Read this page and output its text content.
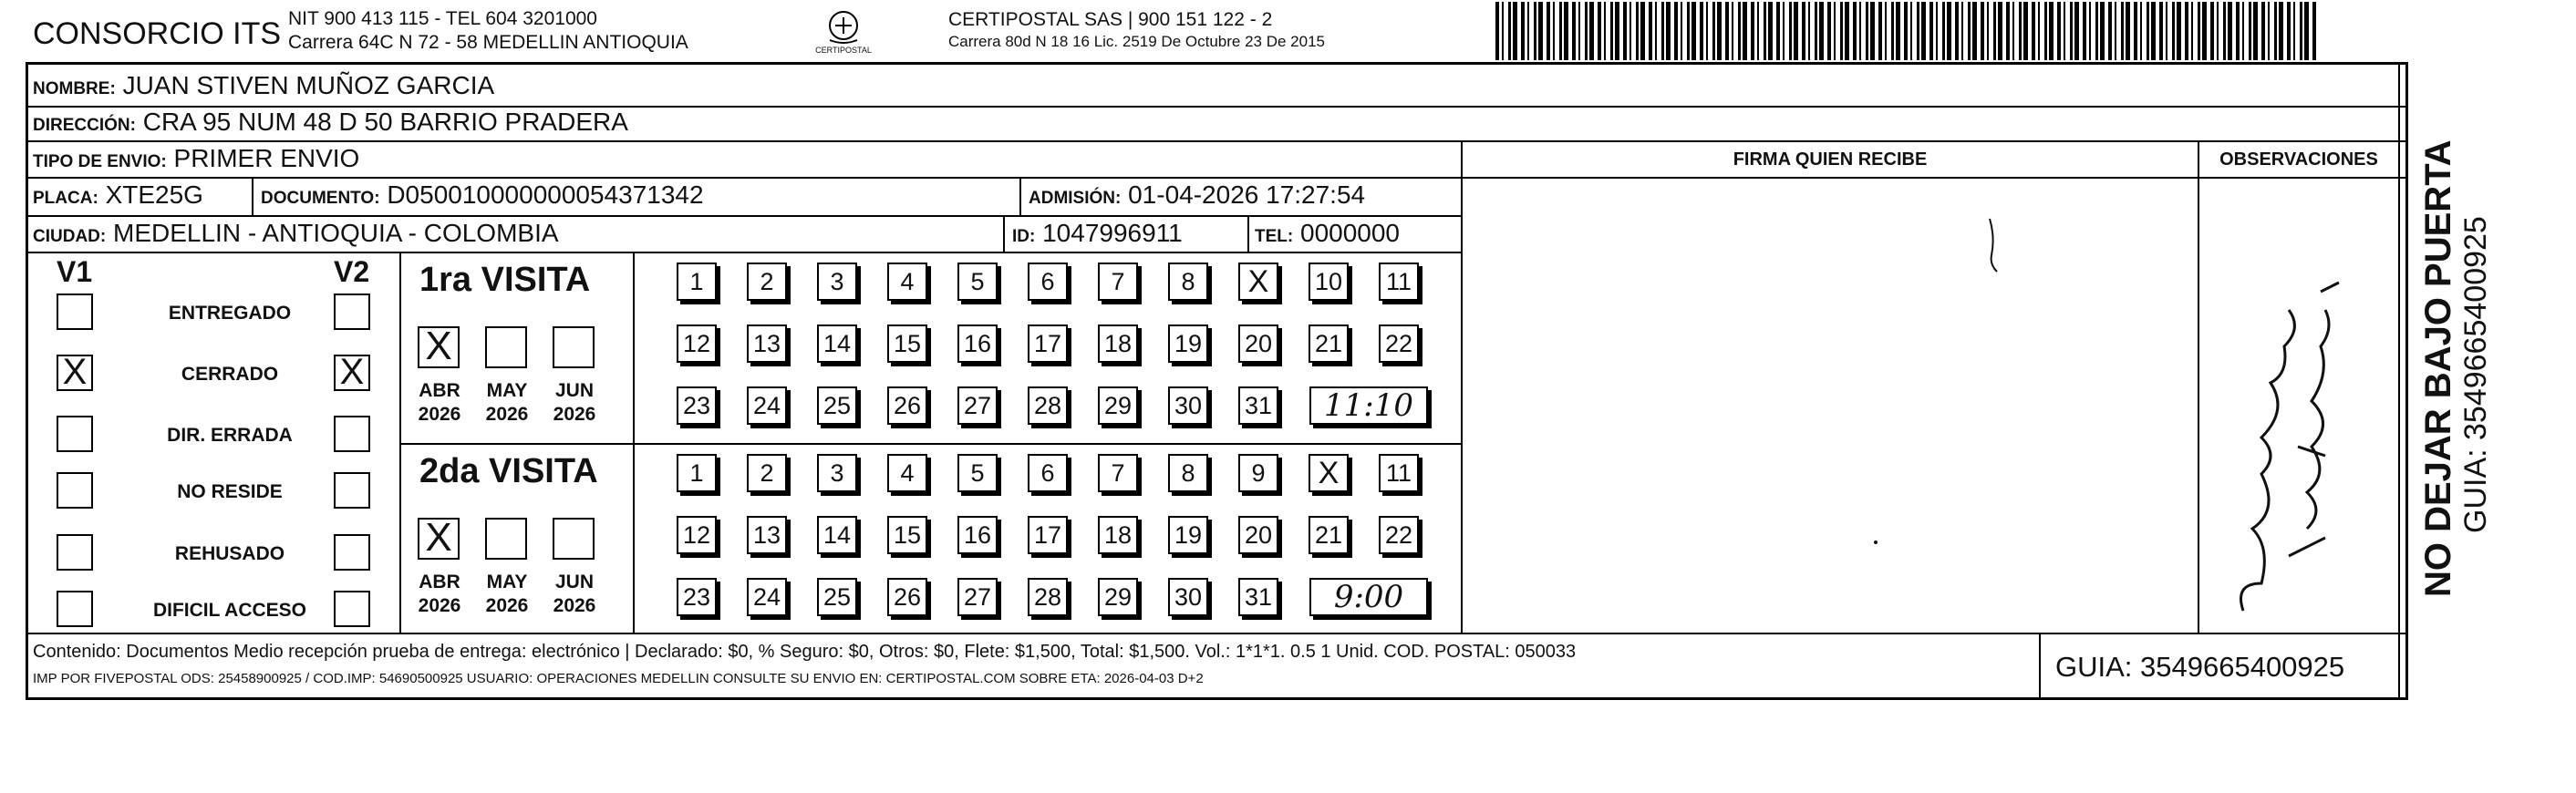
CONSORCIO ITS NIT 900 413 115 - TEL 604 3201000
Carrera 64C N 72 - 58 MEDELLIN ANTIOQUIA	CERTIPOSTAL
CERTIPOSTAL SAS | 900 151 122 - 2
Carrera 80d N 18 16 Lic. 2519 De Octubre 23 De 2015
NOMBRE: JUAN STIVEN MUÑOZ GARCIA
DIRECCIÓN: CRA 95 NUM 48 D 50 BARRIO PRADERA
TIPO DE ENVIO: PRIMER ENVIO
PLACA: XTE25G	DOCUMENTO: D050010000000054371342	ADMISIÓN: 01-04-2026 17:27:54
CIUDAD: MEDELLIN - ANTIOQUIA - COLOMBIA	ID: 1047996911	TEL: 0000000
FIRMA QUIEN RECIBE	OBSERVACIONES
V1	V2
ENTREGADO
X	CERRADO	X
DIR. ERRADA
NO RESIDE
REHUSADO
DIFICIL ACCESO
1ra VISITA
X
ABR
2026
MAY
2026
JUN
2026
1	2	3	4	5	6	7	8	X	10 11
12 13 14 15 16 17 18 19 20 21 22
23 24 25 26 27 28 29 30 31	11:10
2da VISITA
X
ABR
2026
MAY
2026
JUN
2026
1	2	3	4	5	6	7	8	9	X	11
12 13 14 15 16 17 18 19 20 21 22
23 24 25 26 27 28 29 30 31	9:00
Contenido: Documentos Medio recepción prueba de entrega: electrónico | Declarado: $0, % Seguro: $0, Otros: $0, Flete: $1,500, Total: $1,500. Vol.: 1*1*1. 0.5 1 Unid. COD. POSTAL: 050033
IMP POR FIVEPOSTAL ODS: 25458900925 / COD.IMP: 54690500925 USUARIO: OPERACIONES MEDELLIN CONSULTE SU ENVIO EN: CERTIPOSTAL.COM SOBRE ETA: 2026-04-03 D+2	GUIA: 3549665400925
NO DEJAR BAJO PUERTA GUIA: 3549665400925
